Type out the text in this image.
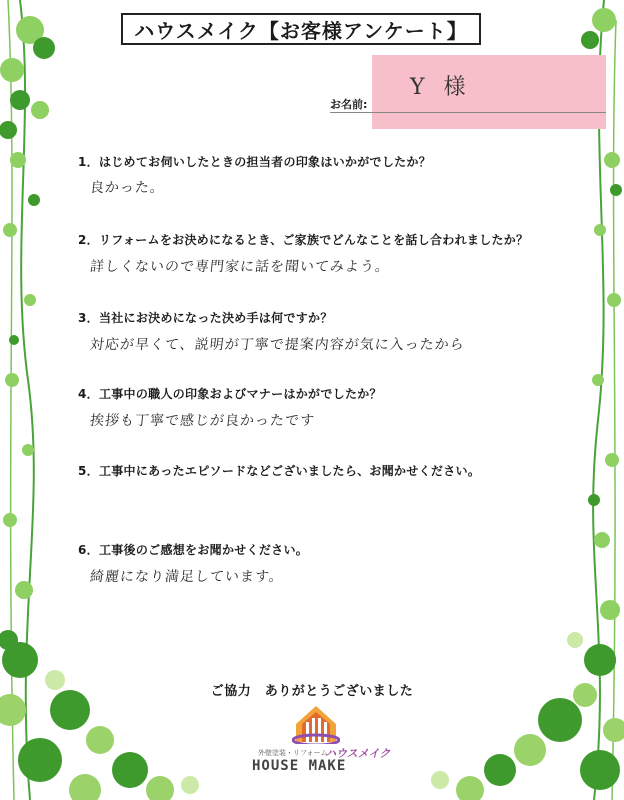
ハウスメイク【お客様アンケート】
お名前:
Y 様
1．はじめてお伺いしたときの担当者の印象はいかがでしたか？
良かった。
2．リフォームをお決めになるとき、ご家族でどんなことを話し合われましたか？
詳しくないので専門家に話を聞いてみよう。
3．当社にお決めになった決め手は何ですか？
対応が早くて、説明が丁寧で提案内容が気に入ったから
4．工事中の職人の印象およびマナーはかがでしたか？
挨拶も丁寧で感じが良かったです
5．工事中にあったエピソードなどございましたら、お聞かせください。
6．工事後のご感想をお聞かせください。
綺麗になり満足しています。
ご協力　ありがとうございました
外壁塗装・リフォーム
ハウスメイク
HOUSE MAKE
